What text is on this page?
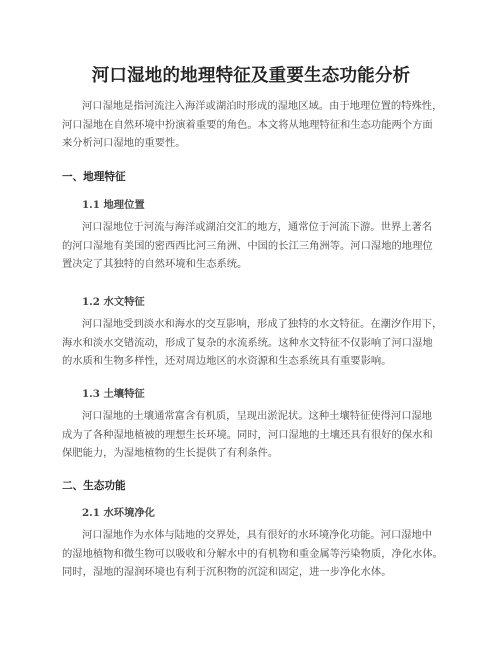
河口湿地的地理特征及重要生态功能分析

河口湿地是指河流注入海洋或湖泊时形成的湿地区域。由于地理位置的特殊性，
河口湿地在自然环境中扮演着重要的角色。本文将从地理特征和生态功能两个方面
来分析河口湿地的重要性。

一、地理特征
1.1 地理位置

河口湿地位于河流与海洋或湖泊交汇的地方，通常位于河流下游。世界上著名
的河口湿地有美国的密西西比河三角洲、中国的长江三角洲等。河口湿地的地理位
置决定了其独特的自然环境和生态系统。

1.2 水文特征

河口湿地受到淡水和海水的交互影响，形成了独特的水文特征。在潮汐作用下，
海水和淡水交错流动，形成了复杂的水流系统。这种水文特征不仅影响了河口湿地
的水质和生物多样性，还对周边地区的水资源和生态系统具有重要影响。

1.3 土壤特征

河口湿地的土壤通常富含有机质，呈现出淤泥状。这种土壤特征使得河口湿地
成为了各种湿地植被的理想生长环境。同时，河口湿地的土壤还具有很好的保水和
保肥能力，为湿地植物的生长提供了有利条件。

二、生态功能
2.1 水环境净化

河口湿地作为水体与陆地的交界处，具有很好的水环境净化功能。河口湿地中
的湿地植物和微生物可以吸收和分解水中的有机物和重金属等污染物质，净化水体。
同时，湿地的湿润环境也有利于沉积物的沉淀和固定，进一步净化水体。
